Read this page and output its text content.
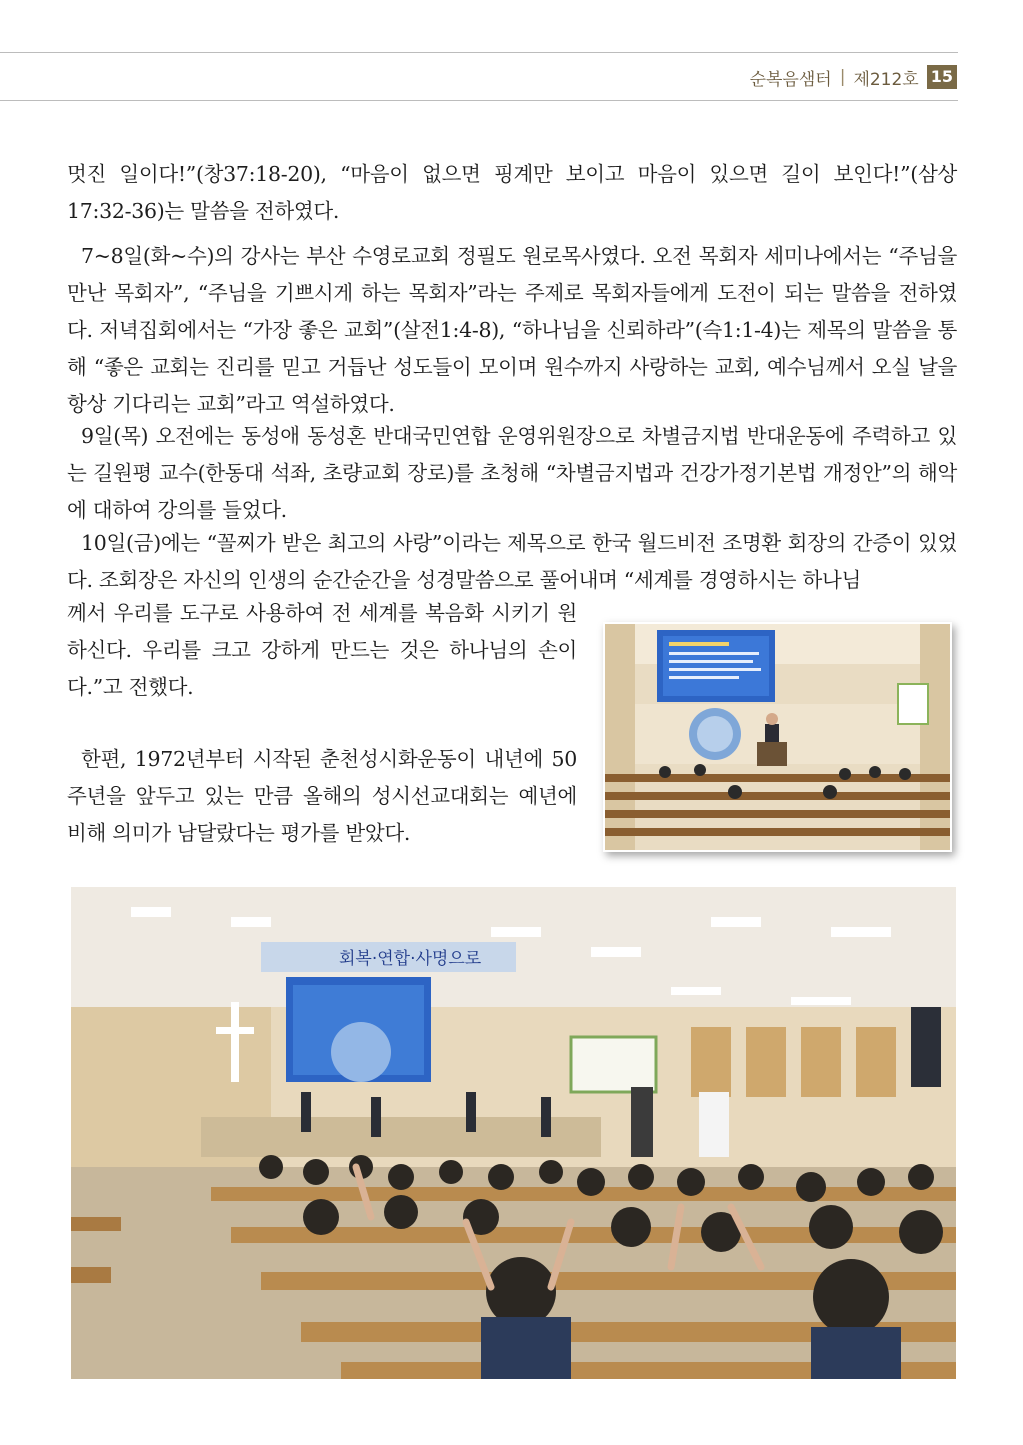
순복음샘터 | 제212호 15

멋진 일이다!”(창37:18-20), “마음이 없으면 핑계만 보이고 마음이 있으면 길이 보인다!”(삼상 17:32-36)는 말씀을 전하였다.

7~8일(화~수)의 강사는 부산 수영로교회 정필도 원로목사였다. 오전 목회자 세미나에서는 “주님을 만난 목회자”, “주님을 기쁘시게 하는 목회자”라는 주제로 목회자들에게 도전이 되는 말씀을 전하였다. 저녁집회에서는 “가장 좋은 교회”(살전1:4-8), “하나님을 신뢰하라”(슥1:1-4)는 제목의 말씀을 통해 “좋은 교회는 진리를 믿고 거듭난 성도들이 모이며 원수까지 사랑하는 교회, 예수님께서 오실 날을 항상 기다리는 교회”라고 역설하였다.

9일(목) 오전에는 동성애 동성혼 반대국민연합 운영위원장으로 차별금지법 반대운동에 주력하고 있는 길원평 교수(한동대 석좌, 초량교회 장로)를 초청해 “차별금지법과 건강가정기본법 개정안”의 해악에 대하여 강의를 들었다.

10일(금)에는 “꼴찌가 받은 최고의 사랑”이라는 제목으로 한국 월드비전 조명환 회장의 간증이 있었다. 조회장은 자신의 인생의 순간순간을 성경말씀으로 풀어내며 “세계를 경영하시는 하나님

께서 우리를 도구로 사용하여 전 세계를 복음화 시키기 원하신다. 우리를 크고 강하게 만드는 것은 하나님의 손이다.”고 전했다.

한편, 1972년부터 시작된 춘천성시화운동이 내년에 50주년을 앞두고 있는 만큼 올해의 성시선교대회는 예년에 비해 의미가 남달랐다는 평가를 받았다.

회복·연합·사명으로
